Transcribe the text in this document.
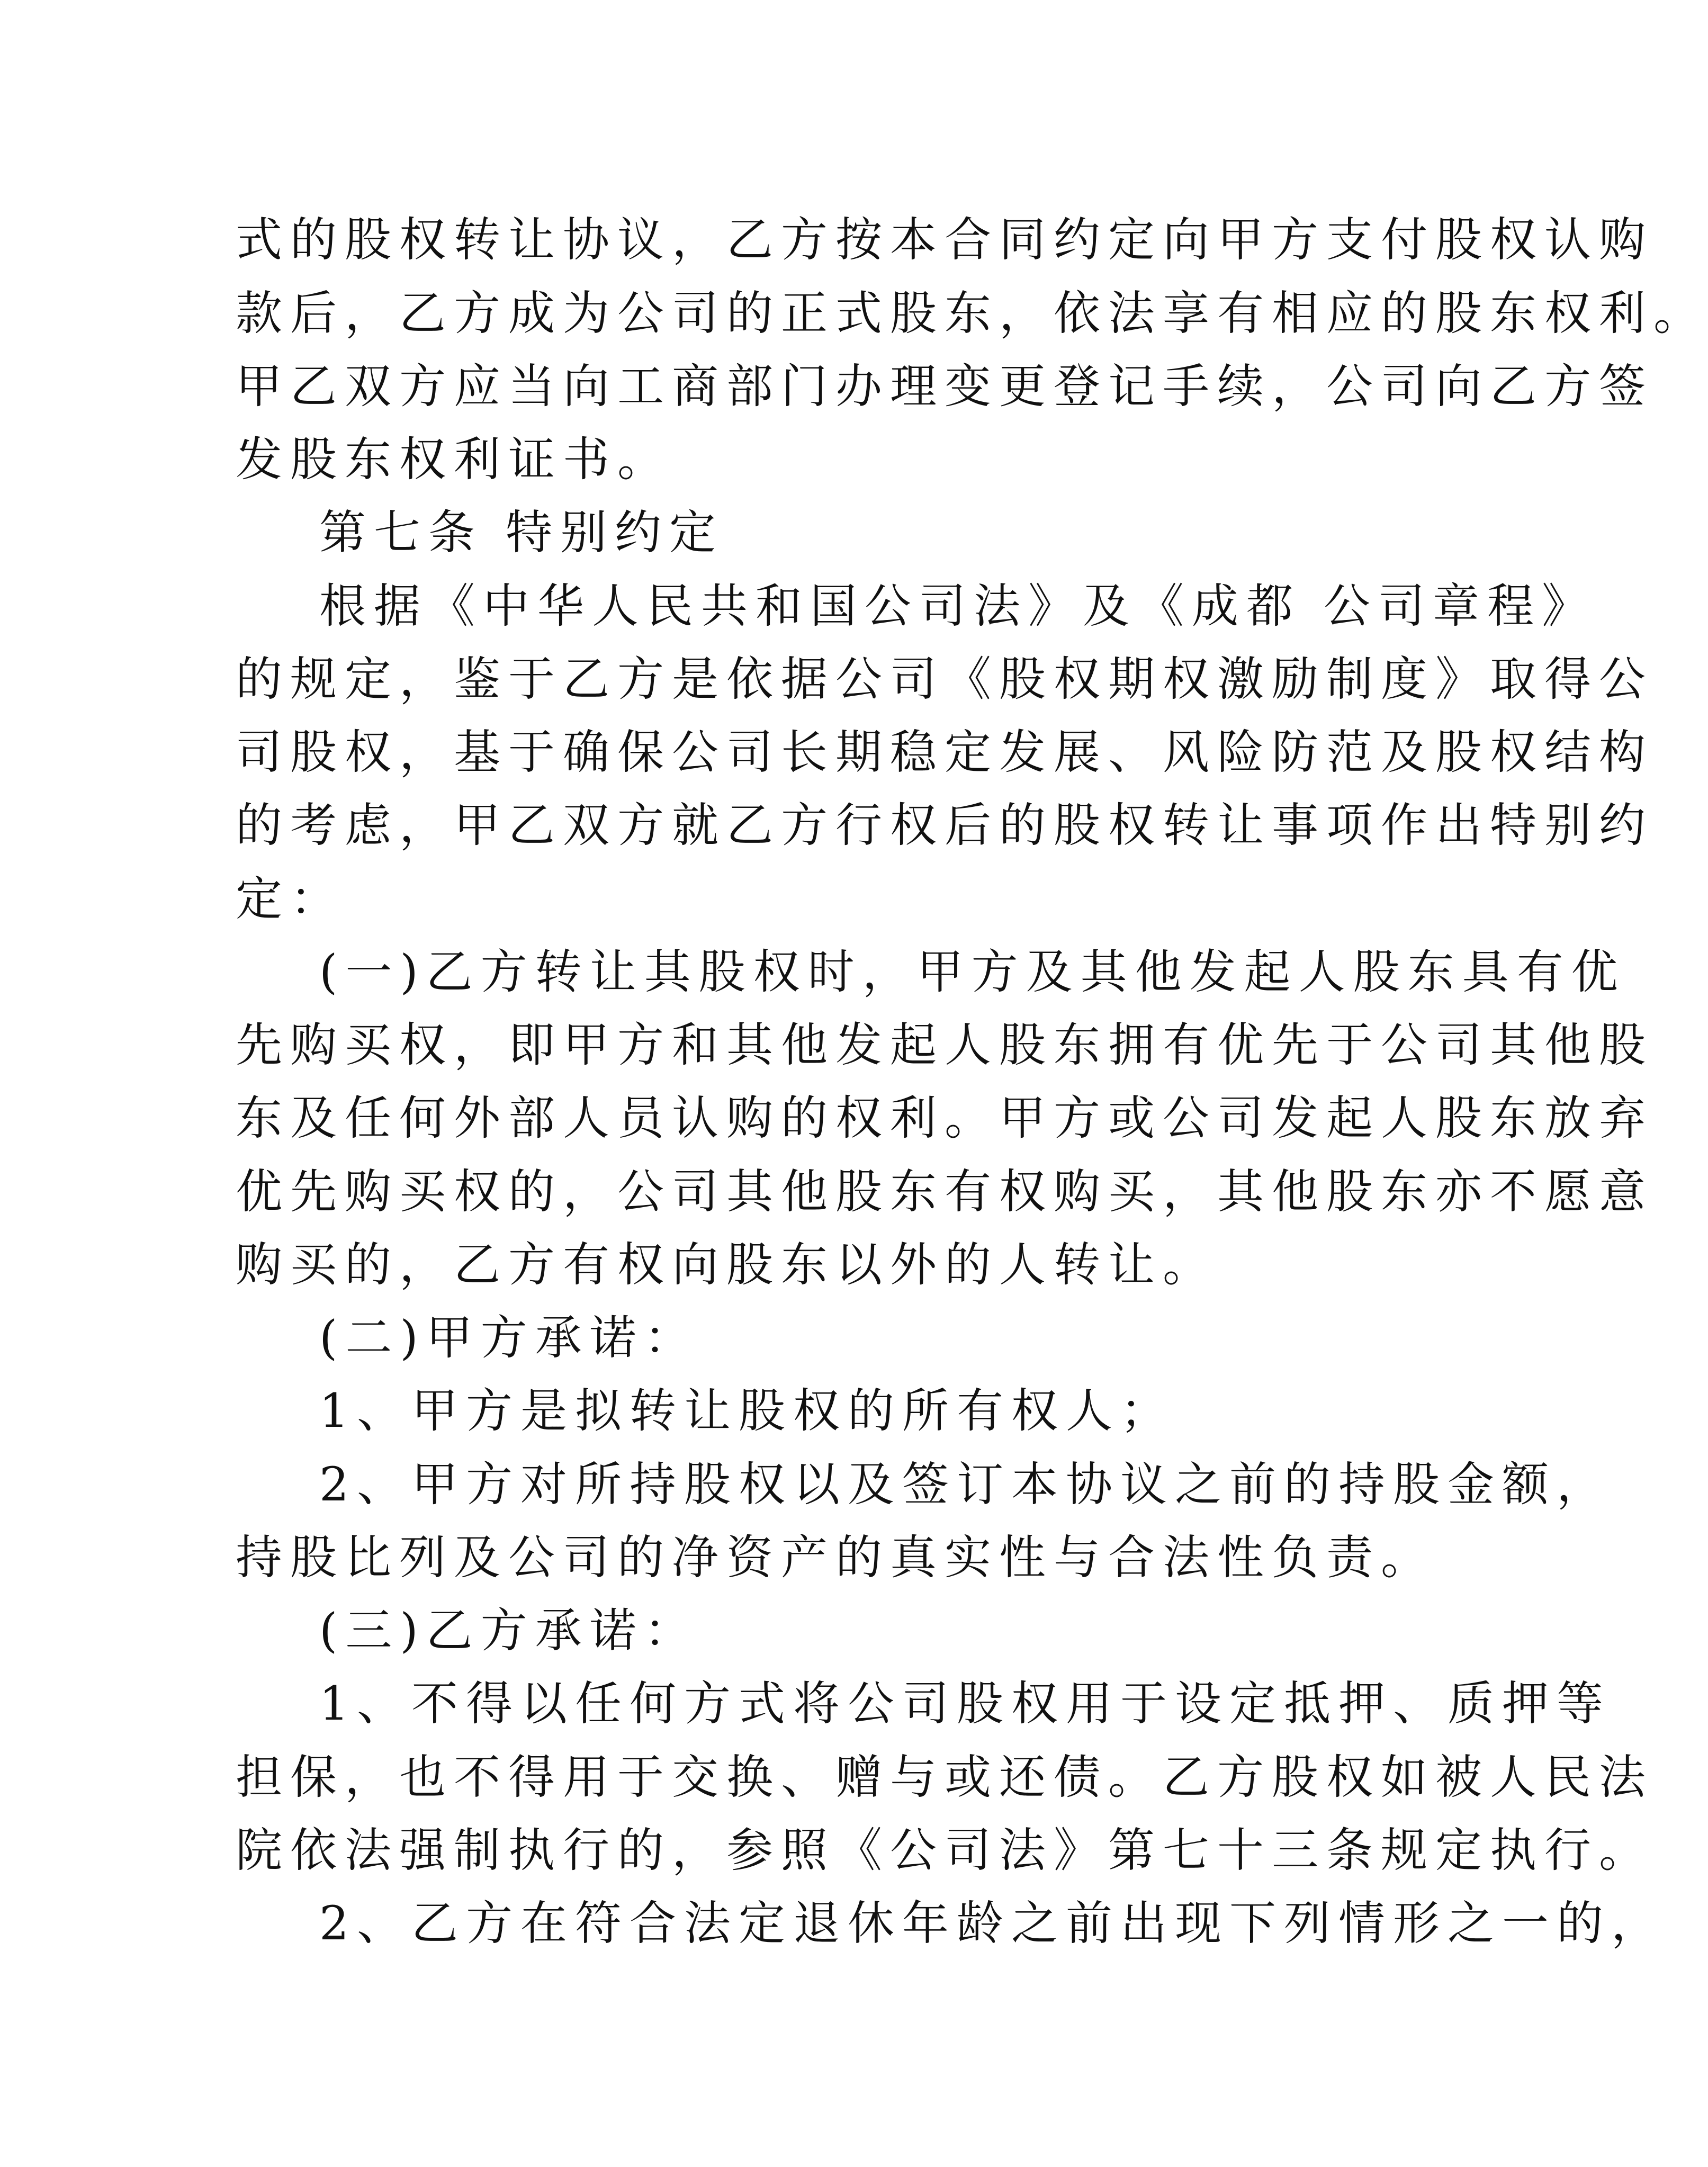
式的股权转让协议，乙方按本合同约定向甲方支付股权认购
款后，乙方成为公司的正式股东，依法享有相应的股东权利。
甲乙双方应当向工商部门办理变更登记手续，公司向乙方签
发股东权利证书。
第七条 特别约定
根据《中华人民共和国公司法》及《成都 公司章程》
的规定，鉴于乙方是依据公司《股权期权激励制度》取得公
司股权，基于确保公司长期稳定发展、风险防范及股权结构
的考虑，甲乙双方就乙方行权后的股权转让事项作出特别约
定：
(一)乙方转让其股权时，甲方及其他发起人股东具有优
先购买权，即甲方和其他发起人股东拥有优先于公司其他股
东及任何外部人员认购的权利。甲方或公司发起人股东放弃
优先购买权的，公司其他股东有权购买，其他股东亦不愿意
购买的，乙方有权向股东以外的人转让。
(二)甲方承诺：
1、甲方是拟转让股权的所有权人；
2、甲方对所持股权以及签订本协议之前的持股金额，
持股比列及公司的净资产的真实性与合法性负责。
(三)乙方承诺：
1、不得以任何方式将公司股权用于设定抵押、质押等
担保，也不得用于交换、赠与或还债。乙方股权如被人民法
院依法强制执行的，参照《公司法》第七十三条规定执行。
2、乙方在符合法定退休年龄之前出现下列情形之一的，
